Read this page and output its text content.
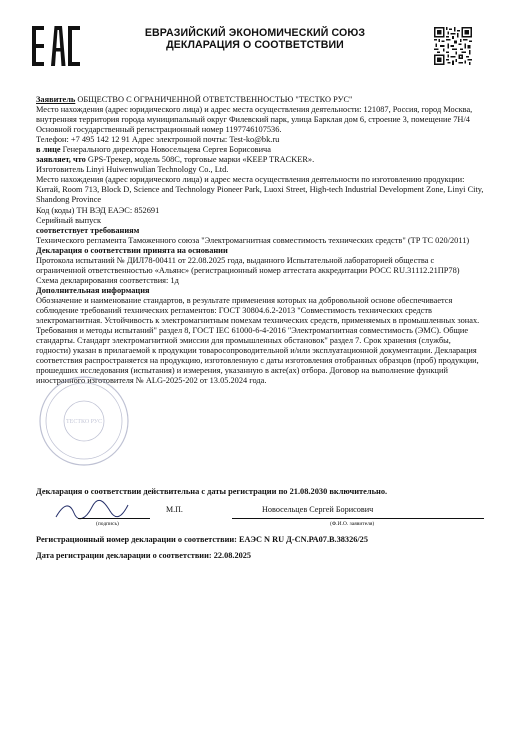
ЕВРАЗИЙСКИЙ ЭКОНОМИЧЕСКИЙ СОЮЗ
ДЕКЛАРАЦИЯ О СООТВЕТСТВИИ

Заявитель ОБЩЕСТВО С ОГРАНИЧЕННОЙ ОТВЕТСТВЕННОСТЬЮ "ТЕСТКО РУС"

Место нахождения (адрес юридического лица) и адрес места осуществления деятельности: 121087, Россия, город Москва, внутренняя территория города муниципальный округ Филевский парк, улица Барклая дом 6, строение 3, помещение 7Н/4

Основной государственный регистрационный номер 1197746107536.

Телефон: +7 495 142 12 91 Адрес электронной почты: Test-ko@bk.ru

в лице Генерального директора Новосельцева Сергея Борисовича

заявляет, что GPS-Трекер, модель 508С, торговые марки «KEEP TRACKER».

Изготовитель Linyi Huiwenwulian Technology Co., Ltd.

Место нахождения (адрес юридического лица) и адрес места осуществления деятельности по изготовлению продукции: Китай, Room 713, Block D, Science and Technology Pioneer Park, Luoxi Street, High-tech Industrial Development Zone, Linyi City, Shandong Province

Код (коды) ТН ВЭД ЕАЭС: 852691

Серийный выпуск

соответствует требованиям

Технического регламента Таможенного союза "Электромагнитная совместимость технических средств" (ТР ТС 020/2011)

Декларация о соответствии принята на основании

Протокола испытаний № ДИЛ78-00411 от 22.08.2025 года, выданного Испытательной лабораторией общества с ограниченной ответственностью «Альянс» (регистрационный номер аттестата аккредитации РОСС RU.31112.21ПР78)

Схема декларирования соответствия: 1д

Дополнительная информация

Обозначение и наименование стандартов, в результате применения которых на добровольной основе обеспечивается соблюдение требований технических регламентов: ГОСТ 30804.6.2-2013 "Совместимость технических средств электромагнитная. Устойчивость к электромагнитным помехам технических средств, применяемых в промышленных зонах. Требования и методы испытаний" раздел 8, ГОСТ IEC 61000-6-4-2016 "Электромагнитная совместимость (ЭМС). Общие стандарты. Стандарт электромагнитной эмиссии для промышленных обстановок" раздел 7. Срок хранения (службы, годности) указан в прилагаемой к продукции товаросопроводительной и/или эксплуатационной документации. Декларация соответствия распространяется на продукцию, изготовленную с даты изготовления отобранных образцов (проб) продукции, прошедших исследования (испытания) и измерения, указанную в акте(ах) отбора. Договор на выполнение функций иностранного изготовителя № ALG-2025-202 от 13.05.2024 года.

ТЕСТКО РУС
Декларация о соответствии действительна с даты регистрации по 21.08.2030 включительно.
М.П.	Новосельцев Сергей Борисович
(подпись)	(Ф.И.О. заявителя)
Регистрационный номер декларации о соответствии: ЕАЭС N RU Д-CN.РА07.В.38326/25
Дата регистрации декларации о соответствии: 22.08.2025
